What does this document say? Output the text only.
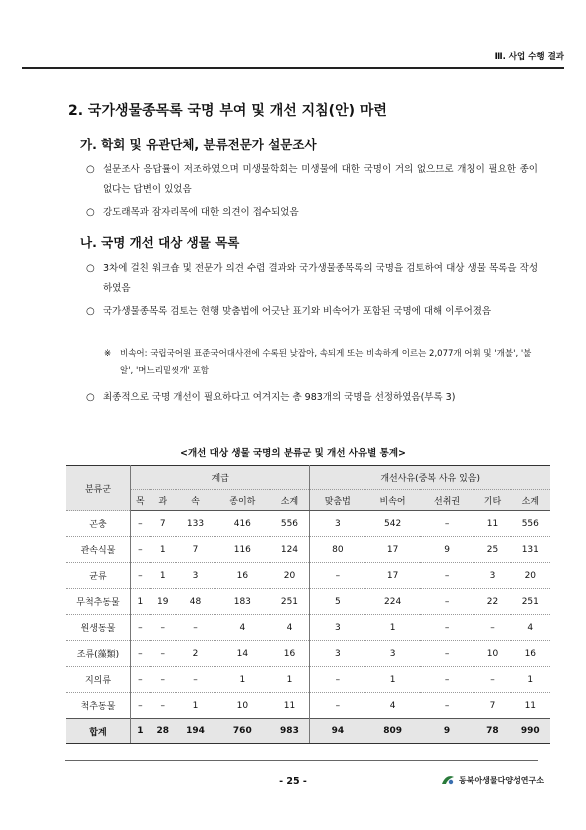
Ⅲ. 사업 수행 결과
2. 국가생물종목록 국명 부여 및 개선 지침(안) 마련
가. 학회 및 유관단체, 분류전문가 설문조사
○ 설문조사 응답률이 저조하였으며 미생물학회는 미생물에 대한 국명이 거의 없으므로 개칭이 필요한 종이 없다는 답변이 있었음
○ 강도래목과 잠자리목에 대한 의견이 접수되었음
나. 국명 개선 대상 생물 목록
○ 3차에 걸친 워크숍 및 전문가 의견 수렴 결과와 국가생물종목록의 국명을 검토하여 대상 생물 목록을 작성하였음
○ 국가생물종목록 검토는 현행 맞춤법에 어긋난 표기와 비속어가 포함된 국명에 대해 이루어졌음
※	비속어: 국립국어원 표준국어대사전에 수록된 낮잡아, 속되게 또는 비속하게 이르는 2,077개 어휘 및 '개불', '불알', '며느리밑씻개' 포함
○ 최종적으로 국명 개선이 필요하다고 여겨지는 총 983개의 국명을 선정하였음(부록 3)
<개선 대상 생물 국명의 분류군 및 개선 사유별 통계>
분류군	계급					개선사유(중복 사유 있음)				
	목	과	속	종이하	소계	맞춤법	비속어	선취권	기타	소계
곤충	–	7	133	416	556	3	542	–	11	556
관속식물	–	1	7	116	124	80	17	9	25	131
균류	–	1	3	16	20	–	17	–	3	20
무척추동물	1	19	48	183	251	5	224	–	22	251
원생동물	–	–	–	4	4	3	1	–	–	4
조류(藻類)	–	–	2	14	16	3	3	–	10	16
지의류	–	–	–	1	1	–	1	–	–	1
척추동물	–	–	1	10	11	–	4	–	7	11
합계	1	28	194	760	983	94	809	9	78	990
- 25 -	동북아생물다양성연구소
